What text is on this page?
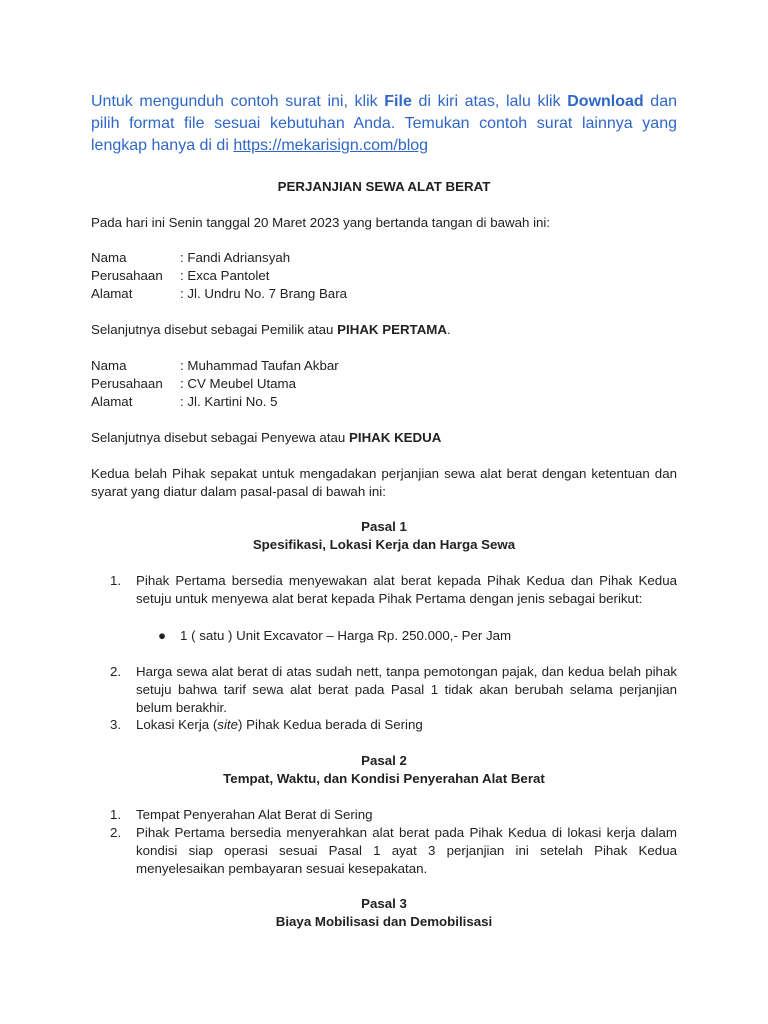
Untuk mengunduh contoh surat ini, klik File di kiri atas, lalu klik Download dan pilih format file sesuai kebutuhan Anda. Temukan contoh surat lainnya yang lengkap hanya di di https://mekarisign.com/blog
PERJANJIAN SEWA ALAT BERAT
Pada hari ini Senin tanggal 20 Maret 2023 yang bertanda tangan di bawah ini:
Nama	: Fandi Adriansyah
Perusahaan : Exca Pantolet
Alamat	: Jl. Undru No. 7 Brang Bara
Selanjutnya disebut sebagai Pemilik atau PIHAK PERTAMA.
Nama	: Muhammad Taufan Akbar
Perusahaan : CV Meubel Utama
Alamat	: Jl. Kartini No. 5
Selanjutnya disebut sebagai Penyewa atau PIHAK KEDUA
Kedua belah Pihak sepakat untuk mengadakan perjanjian sewa alat berat dengan ketentuan dan syarat yang diatur dalam pasal-pasal di bawah ini:
Pasal 1
Spesifikasi, Lokasi Kerja dan Harga Sewa
1. Pihak Pertama bersedia menyewakan alat berat kepada Pihak Kedua dan Pihak Kedua setuju untuk menyewa alat berat kepada Pihak Pertama dengan jenis sebagai berikut:
● 1 ( satu ) Unit Excavator – Harga Rp. 250.000,- Per Jam
2. Harga sewa alat berat di atas sudah nett, tanpa pemotongan pajak, dan kedua belah pihak setuju bahwa tarif sewa alat berat pada Pasal 1 tidak akan berubah selama perjanjian belum berakhir.
3. Lokasi Kerja (site) Pihak Kedua berada di Sering
Pasal 2
Tempat, Waktu, dan Kondisi Penyerahan Alat Berat
1. Tempat Penyerahan Alat Berat di Sering
2. Pihak Pertama bersedia menyerahkan alat berat pada Pihak Kedua di lokasi kerja dalam kondisi siap operasi sesuai Pasal 1 ayat 3 perjanjian ini setelah Pihak Kedua menyelesaikan pembayaran sesuai kesepakatan.
Pasal 3
Biaya Mobilisasi dan Demobilisasi
